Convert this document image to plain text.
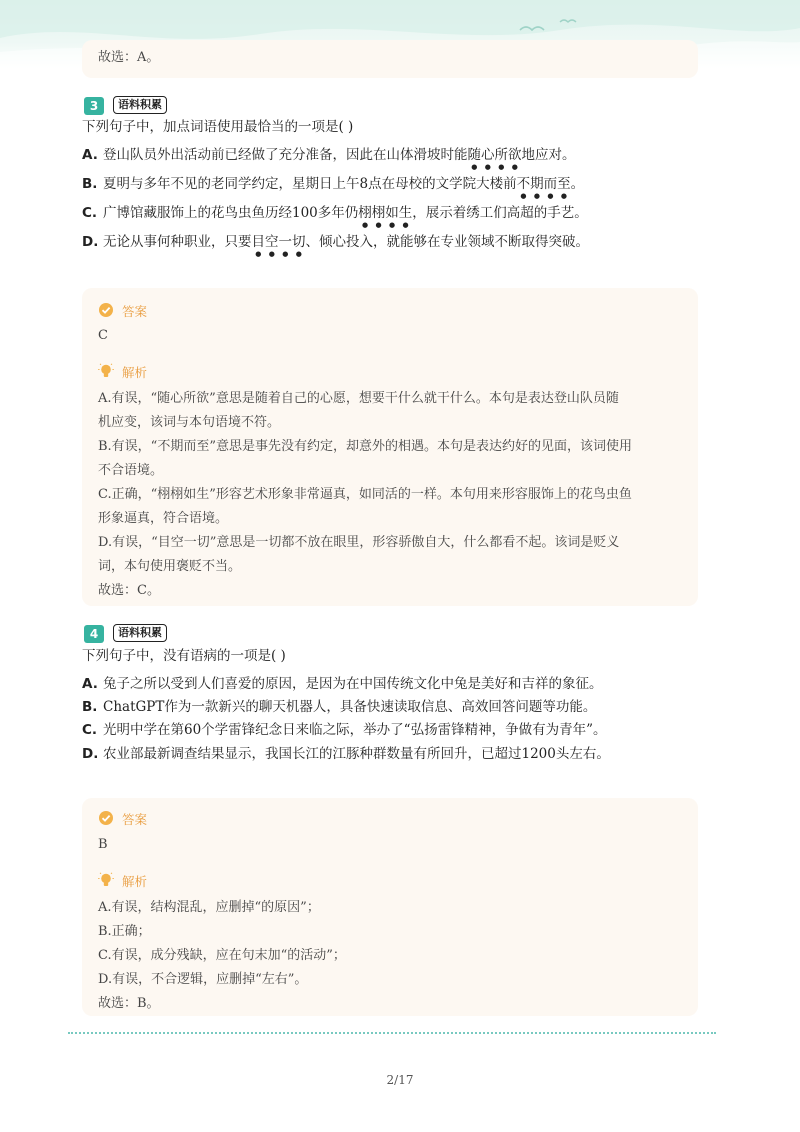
故选：A。
3	语料积累
下列句子中，加点词语使用最恰当的一项是( )
A. 登山队员外出活动前已经做了充分准备，因此在山体滑坡时能随心所欲地应对。
B. 夏明与多年不见的老同学约定，星期日上午8点在母校的文学院大楼前不期而至。
C. 广博馆藏服饰上的花鸟虫鱼历经100多年仍栩栩如生，展示着绣工们高超的手艺。
D. 无论从事何种职业，只要目空一切、倾心投入，就能够在专业领域不断取得突破。
答案
C
解析
A.有误，“随心所欲”意思是随着自己的心愿，想要干什么就干什么。本句是表达登山队员随
机应变，该词与本句语境不符。
B.有误，“不期而至”意思是事先没有约定，却意外的相遇。本句是表达约好的见面，该词使用
不合语境。
C.正确，“栩栩如生”形容艺术形象非常逼真，如同活的一样。本句用来形容服饰上的花鸟虫鱼
形象逼真，符合语境。
D.有误，“目空一切”意思是一切都不放在眼里，形容骄傲自大，什么都看不起。该词是贬义
词，本句使用褒贬不当。
故选：C。
4	语料积累
下列句子中，没有语病的一项是( )
A. 兔子之所以受到人们喜爱的原因，是因为在中国传统文化中兔是美好和吉祥的象征。
B. ChatGPT作为一款新兴的聊天机器人，具备快速读取信息、高效回答问题等功能。
C. 光明中学在第60个学雷锋纪念日来临之际，举办了“弘扬雷锋精神，争做有为青年”。
D. 农业部最新调查结果显示，我国长江的江豚种群数量有所回升，已超过1200头左右。
答案
B
解析
A.有误，结构混乱，应删掉“的原因”；
B.正确；
C.有误，成分残缺，应在句末加“的活动”；
D.有误，不合逻辑，应删掉“左右”。
故选：B。
2/17
